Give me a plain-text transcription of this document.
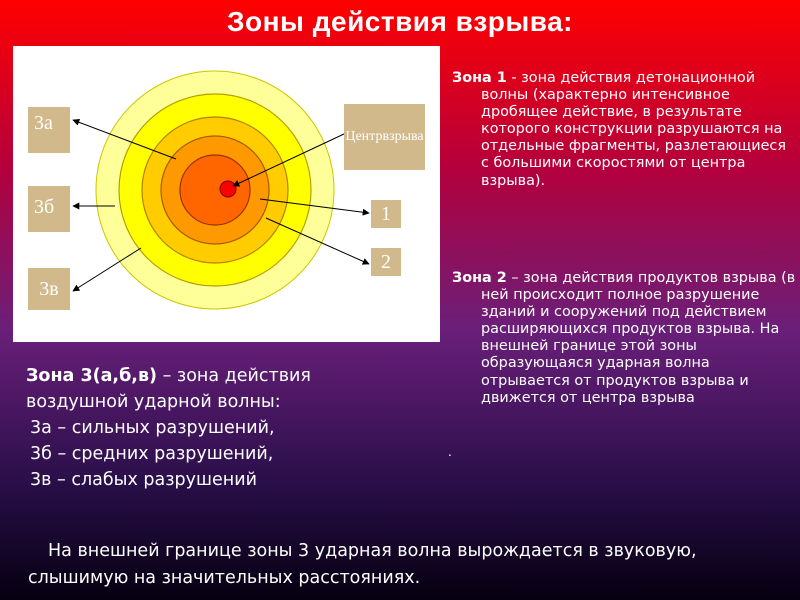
Зоны действия взрыва:
3а
3б
3в
Центр взрыва
1
2
Зона 1 - зона действия детонационной волны (характерно интенсивное дробящее действие, в результате которого конструкции разрушаются на отдельные фрагменты, разлетающиеся с большими скоростями от центра взрыва).
Зона 2 – зона действия продуктов взрыва (в ней происходит полное разрушение зданий и сооружений под действием расширяющихся продуктов взрыва. На внешней границе этой зоны образующаяся ударная волна отрывается от продуктов взрыва и движется от центра взрыва
.
Зона 3(а,б,в) – зона действия воздушной ударной волны:
3а – сильных разрушений,
3б – средних разрушений,
3в – слабых разрушений
На внешней границе зоны 3 ударная волна вырождается в звуковую, слышимую на значительных расстояниях.
